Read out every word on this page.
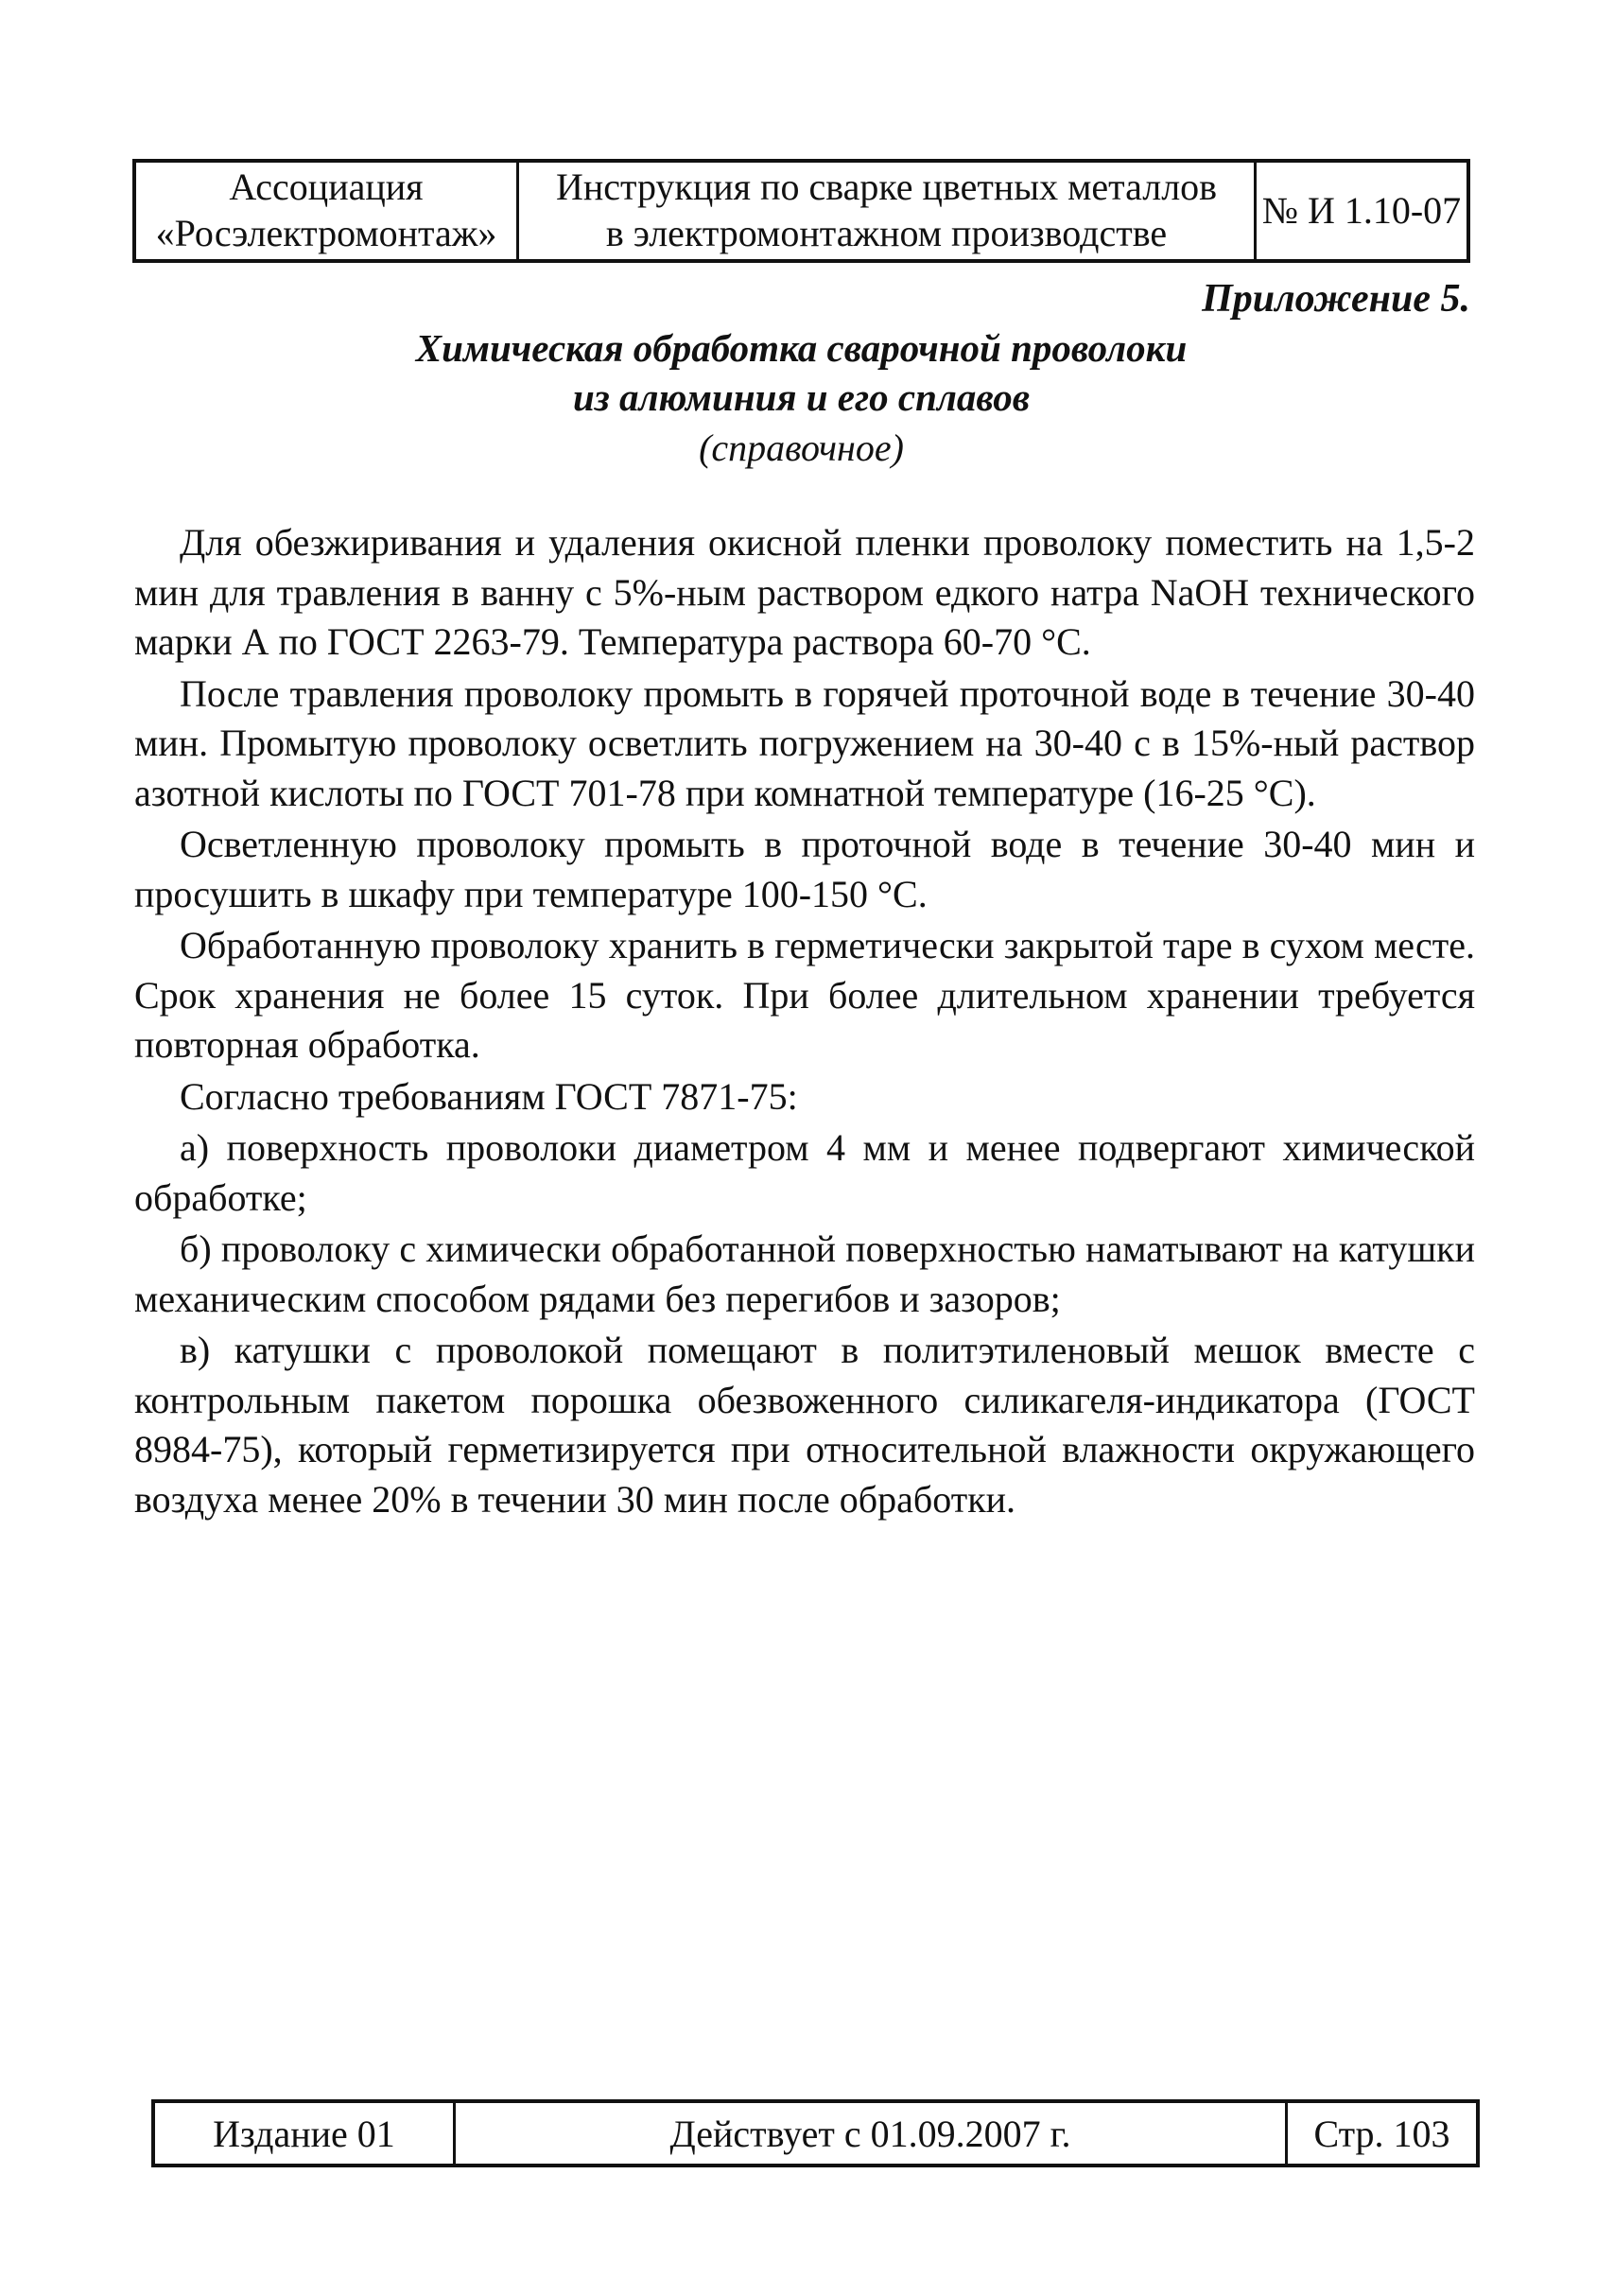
Ассоциация
«Росэлектромонтаж»
Инструкция по сварке цветных металлов
в электромонтажном производстве
№ И 1.10-07
Приложение 5.
Химическая обработка сварочной проволоки
из алюминия и его сплавов
(справочное)

Для обезжиривания и удаления окисной пленки проволоку поместить на 1,5-2 мин для травления в ванну с 5%-ным раствором едкого натра NaOH технического марки А по ГОСТ 2263-79. Температура раствора 60-70 °С.

После травления проволоку промыть в горячей проточной воде в течение 30-40 мин. Промытую проволоку осветлить погружением на 30-40 с в 15%-ный раствор азотной кислоты по ГОСТ 701-78 при комнатной температуре (16-25 °С).

Осветленную проволоку промыть в проточной воде в течение 30-40 мин и просушить в шкафу при температуре 100-150 °С.

Обработанную проволоку хранить в герметически закрытой таре в сухом месте. Срок хранения не более 15 суток. При более длительном хранении требуется повторная обработка.

Согласно требованиям ГОСТ 7871-75:

а) поверхность проволоки диаметром 4 мм и менее подвергают химической обработке;

б) проволоку с химически обработанной поверхностью наматывают на катушки механическим способом рядами без перегибов и зазоров;

в) катушки с проволокой помещают в политэтиленовый мешок вместе с контрольным пакетом порошка обезвоженного силикагеля-индикатора (ГОСТ 8984-75), который герметизируется при относительной влажности окружающего воздуха менее 20% в течении 30 мин после обработки.

Издание 01	Действует с 01.09.2007 г.	Стр. 103
